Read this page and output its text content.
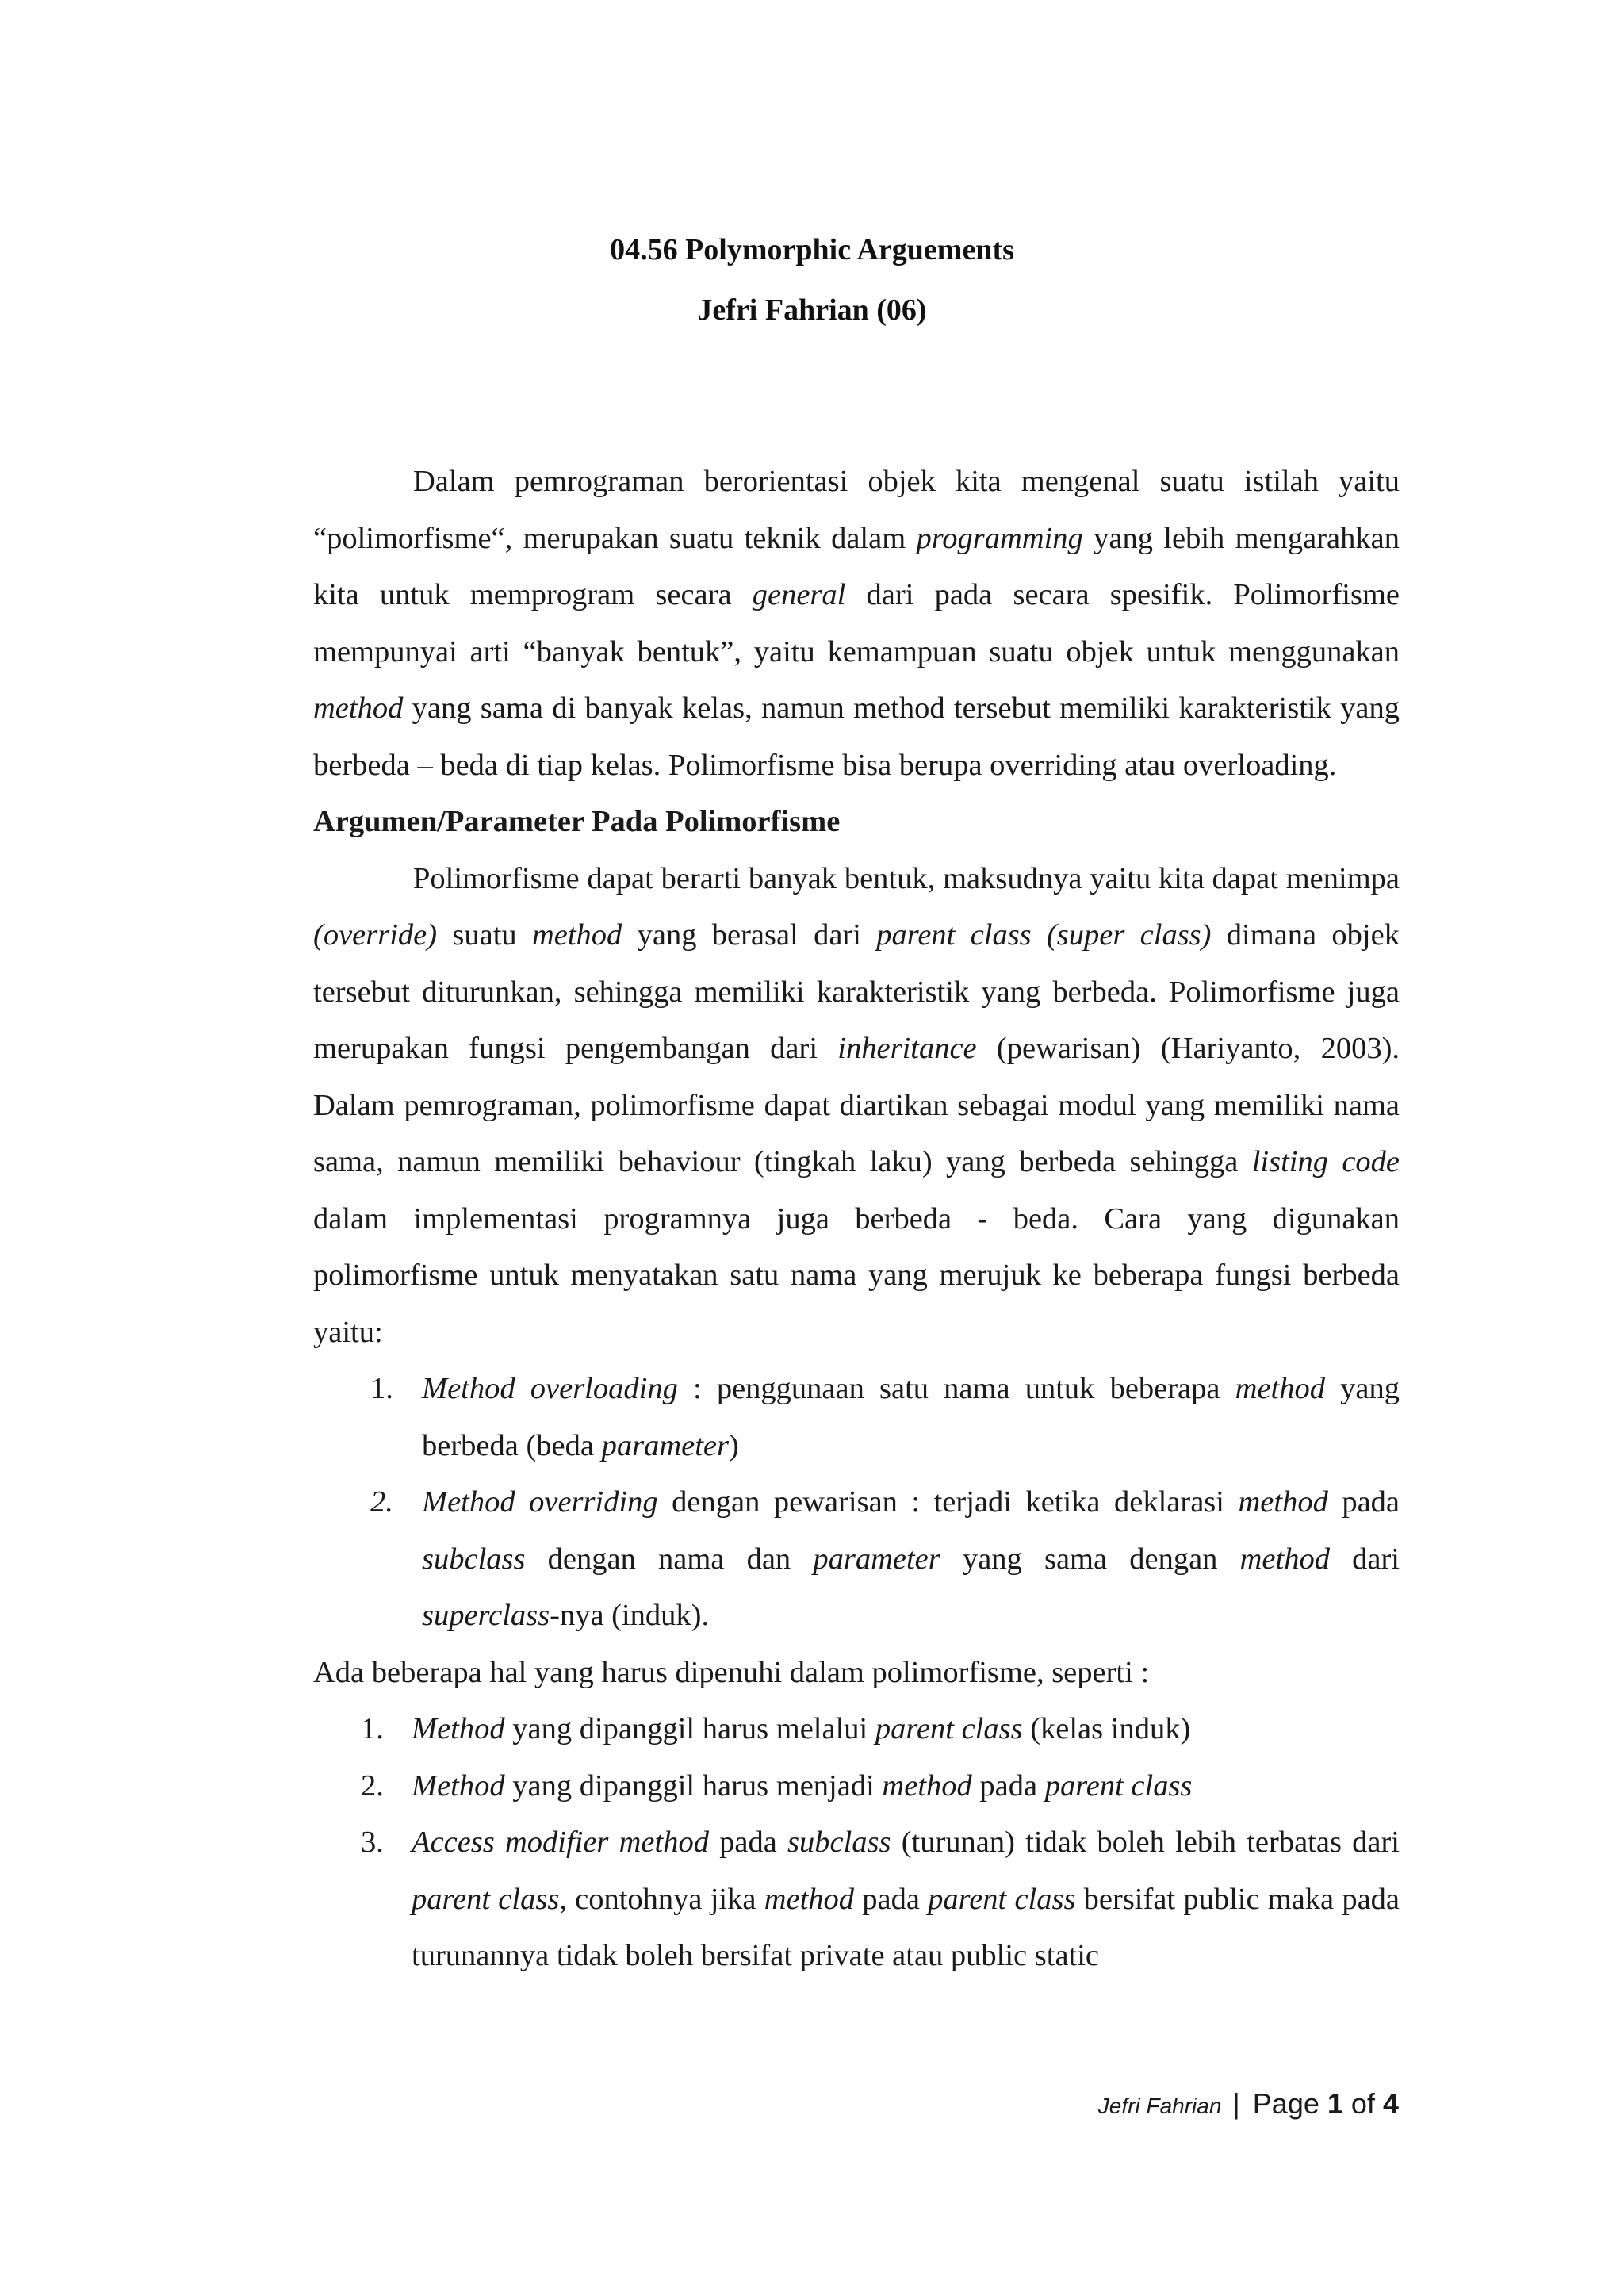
04.56 Polymorphic Arguements
Jefri Fahrian (06)

Dalam pemrograman berorientasi objek kita mengenal suatu istilah yaitu “polimorfisme“, merupakan suatu teknik dalam programming yang lebih mengarahkan kita untuk memprogram secara general dari pada secara spesifik. Polimorfisme mempunyai arti “banyak bentuk”, yaitu kemampuan suatu objek untuk menggunakan method yang sama di banyak kelas, namun method tersebut memiliki karakteristik yang berbeda – beda di tiap kelas. Polimorfisme bisa berupa overriding atau overloading.

Argumen/Parameter Pada Polimorfisme

Polimorfisme dapat berarti banyak bentuk, maksudnya yaitu kita dapat menimpa (override) suatu method yang berasal dari parent class (super class) dimana objek tersebut diturunkan, sehingga memiliki karakteristik yang berbeda. Polimorfisme juga merupakan fungsi pengembangan dari inheritance (pewarisan) (Hariyanto, 2003). Dalam pemrograman, polimorfisme dapat diartikan sebagai modul yang memiliki nama sama, namun memiliki behaviour (tingkah laku) yang berbeda sehingga listing code dalam implementasi programnya juga berbeda - beda. Cara yang digunakan polimorfisme untuk menyatakan satu nama yang merujuk ke beberapa fungsi berbeda yaitu:

1. Method overloading : penggunaan satu nama untuk beberapa method yang berbeda (beda parameter)
2. Method overriding dengan pewarisan : terjadi ketika deklarasi method pada subclass dengan nama dan parameter yang sama dengan method dari superclass-nya (induk).

Ada beberapa hal yang harus dipenuhi dalam polimorfisme, seperti :

1. Method yang dipanggil harus melalui parent class (kelas induk)
2. Method yang dipanggil harus menjadi method pada parent class
3. Access modifier method pada subclass (turunan) tidak boleh lebih terbatas dari parent class, contohnya jika method pada parent class bersifat public maka pada turunannya tidak boleh bersifat private atau public static
Jefri Fahrian | Page
1
of
4
